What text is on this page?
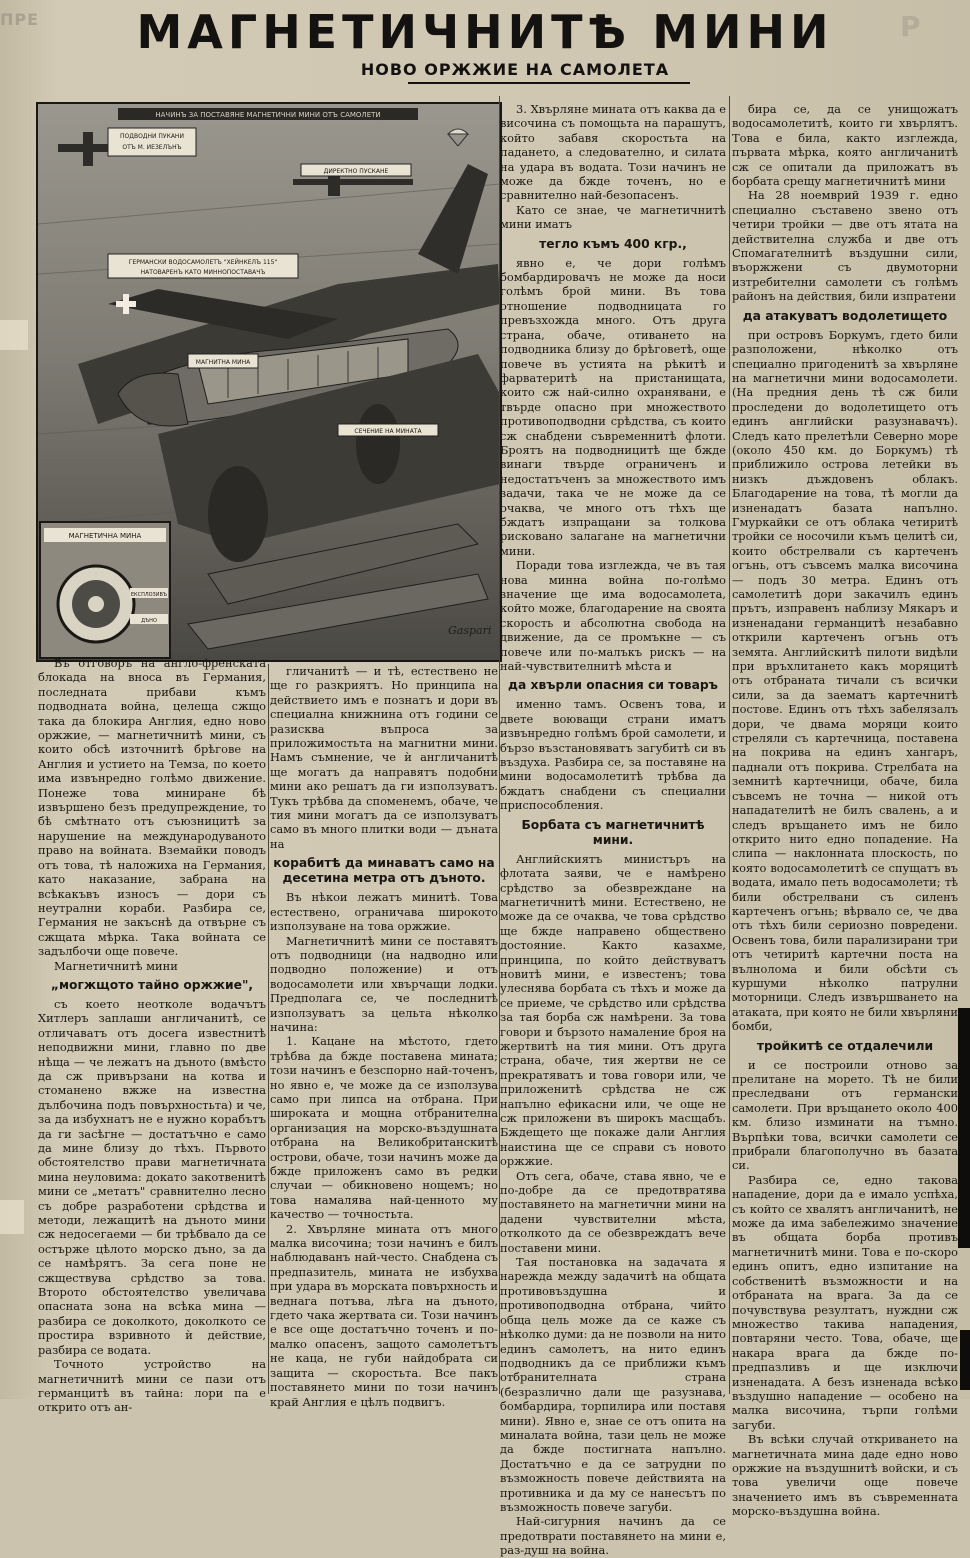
ПРЕ	Р
МАГНЕТИЧНИТѢ МИНИ
НОВО ОРЖЖИЕ НА САМОЛЕТА
НАЧИНЪ ЗА ПОСТАВЯНЕ МАГНЕТИЧНИ МИНИ ОТЪ САМОЛЕТИ
ПОДВОДНИ ПУКАНИ
ОТЪ М. ИЕЗЕЛЪНЪ
ДИРЕКТНО ПУСКАНЕ
ГЕРМАНСКИ ВОДОСАМОЛЕТЪ "ХЕЙНКЕЛЪ 115"
НАТОВАРЕНЪ КАТО МИННОПОСТАВАЧЪ
МАГНИТНА МИНА
СЕЧЕНИЕ НА МИНАТА
МАГНЕТИЧНА МИНА
ЕКСПЛОЗИВЪ
ДЪНО
Gaspari

Въ отговоръ на англо-френската блокада на вноса въ Германия, последната прибави къмъ подводната война, целеща сжщо така да блокира Англия, едно ново оржжие, — магнетичнитѣ мини, съ които обсѣ източнитѣ брѣгове на Англия и устието на Темза, по което има извънредно голѣмо движение. Понеже това миниране бѣ извършено безъ предупреждение, то бѣ смѣтнато отъ съюзницитѣ за нарушение на международуваното право на войната. Вземайки поводъ отъ това, тѣ наложиха на Германия, като наказание, забрана на всѣкакъвъ износъ — дори съ неутрални кораби. Разбира се, Германия не закъснѣ да отвърне съ сжщата мѣрка. Така войната се задълбочи още повече.

Магнетичнитѣ мини

„могжщото тайно оржжие",

съ което неотколе водачътъ Хитлеръ заплаши англичанитѣ, се отличаватъ отъ досега известнитѣ неподвижни мини, главно по две нѣща — че лежатъ на дъното (вмѣсто да сж привързани на котва и стоманено вжже на известна дълбочина подъ повърхностьта) и че, за да избухнатъ не е нужно корабътъ да ги засѣгне — достатъчно е само да мине близу до тѣхъ. Първото обстоятелство прави магнетичната мина неуловима: докато закотвенитѣ мини се „метатъ" сравнително лесно съ добре разработени срѣдства и методи, лежащитѣ на дъното мини сж недосегаеми — би трѣбвало да се остърже цѣлото морско дъно, за да се намѣрятъ. За сега поне не сжществува срѣдство за това. Второто обстоятелство увеличава опасната зона на всѣка мина — разбира се доколкото, доколкото се простира взривното ѝ действие, разбира се водата.

Точното устройство на магнетичнитѣ мини се пази отъ германцитѣ въ тайна: лори па е открито отъ ан-

гличанитѣ — и тѣ, естествено не ще го разкриятъ. Но принципа на действието имъ е познатъ и дори въ специална книжнина отъ години се разисква въпроса за приложимостьта на магнитни мини. Намъ съмнение, че ѝ англичанитѣ ще могатъ да направятъ подобни мини ако решатъ да ги използуватъ. Тукъ трѣбва да споменемъ, обаче, че тия мини могатъ да се използуватъ само въ много плитки води — дъната на

корабитѣ да минаватъ само на десетина метра отъ дъното.

Въ нѣкои лежатъ минитѣ. Това естествено, ограничава широкото използуване на това оржжие.

Магнетичнитѣ мини се поставятъ отъ подводници (на надводно или подводно положение) и отъ водосамолети или хвърчащи лодки. Предполага се, че последнитѣ използуватъ за цельта нѣколко начина:

1. Кацане на мѣстото, гдето трѣбва да бжде поставена мината; този начинъ е безспорно най-точенъ, но явно е, че може да се използува само при липса на отбрана. При широката и мощна отбранителна организация на морско-въздушната отбрана на Великобританскитѣ острови, обаче, този начинъ може да бжде приложенъ само въ редки случаи — обикновено нощемъ; но това намалява най-ценното му качество — точностьта.

2. Хвърляне мината отъ много малка височина; този начинъ е билъ наблюдаванъ най-често. Снабдена съ предпазитель, мината не избухва при удара въ морската повърхность и веднага потъва, лѣга на дъното, гдето чака жертвата си. Този начинъ е все още достатъчно точенъ и по-малко опасенъ, защото самолетътъ не каца, не губи найдобрата си защита — скоростьта. Все пакъ поставянето мини по този начинъ край Англия е цѣлъ подвигъ.

3. Хвърляне минатa отъ каква да е височина съ помощьта на парашутъ, който забавя скоростьта на падането, а следователно, и силата на удара въ водата. Този начинъ не може да бжде точенъ, но е сравнително най-безопасенъ.

Като се знае, че магнетичнитѣ мини иматъ

тегло къмъ 400 кгр.,

явно е, че дори голѣмъ бомбардировачъ не може да носи голѣмъ брой мини. Въ това отношение подводницата го превъзхожда много. Отъ друга страна, обаче, отиването на подводника близу до брѣговетѣ, още повече въ устията на рѣкитѣ и фарватеритѣ на пристанищата, които сж най-силно охранявани, е твърде опасно при множеството противоподводни срѣдства, съ които сж снабдени съвременнитѣ флоти. Броятъ на подводницитѣ ще бжде винаги твърде ограниченъ и недостатъченъ за множеството имъ задачи, така че не може да се очаква, че много отъ тѣхъ ще бждатъ изпращани за толкова рисковано залагане на магнетични мини.

Поради това изглежда, че въ тая нова минна война по-голѣмо значение ще има водосамолета, който може, благодарение на своята скорость и абсолютна свобода на движение, да се промъкне — съ повече или по-малъкъ рискъ — на най-чувствителнитѣ мѣста и

да хвърли опасния си товаръ

именно тамъ. Освенъ това, и двете воюващи страни иматъ извънредно голѣмъ брой самолети, и бързо възстановяватъ загубитѣ си въ въздуха. Разбира се, за поставяне на мини водосамолетитѣ трѣбва да бждатъ снабдени съ специални приспособления.

Борбата съ магнетичнитѣ мини.

Английскиятъ министъръ на флотата заяви, че е намѣрено срѣдство за обезвреждане на магнетичнитѣ мини. Естествено, не може да се очаква, че това срѣдство ще бжде направено обществено достояние. Както казахме, принципа, по който действуватъ новитѣ мини, е известенъ; това улеснява борбата съ тѣхъ и може да се приеме, че срѣдство или срѣдства за тая борба сж намѣрени. За това говори и бързото намаление броя на жертвитѣ на тия мини. Отъ друга страна, обаче, тия жертви не се прекратяватъ и това говори или, че приложенитѣ срѣдства не сж напълно ефикасни или, че още не сж приложени въ широкъ масщабъ. Бждещето ще покаже дали Англия наистина ще се справи съ новото оржжие.

Отъ сега, обаче, става явно, че е по-добре да се предотвратява поставянето на магнетични мини на дадени чувствителни мѣста, отколкото да се обезвреждатъ вече поставени мини.

Тая постановка на задачата я нарежда между задачитѣ на общата противовъздушна и противоподводна отбрана, чийто обща цель може да се каже съ нѣколко думи: да не позволи на нито единъ самолетъ, на нито единъ подводникъ да се приближи къмъ отбранителната страна (безразлично дали ще разузнава, бомбардира, торпилира или поставя мини). Явно е, знае се отъ опита на миналата война, тази цель не може да бжде постигната напълно. Достатъчно е да се затрудни по възможность повече действията на противника и да му се нанесътъ по възможность повече загуби.

Най-сигурния начинъ да се предотврати поставянето на мини е, раз-душ на война.

бира се, да се унищожатъ водосамолетитѣ, които ги хвърлятъ. Това е била, както изглежда, първата мѣрка, която англичанитѣ сж се опитали да приложатъ въ борбата срещу магнетичнитѣ мини

На 28 ноемврий 1939 г. едно специално съставено звено отъ четири тройки — две отъ ятата на действителна служба и две отъ Спомагателнитѣ въздушни сили, въоржжени съ двумоторни изтребителни самолети съ голѣмъ районъ на действия, били изпратени

да атакуватъ водолетището

при островъ Боркумъ, гдето били разположени, нѣколко отъ специално пригоденитѣ за хвърляне на магнетични мини водосамолети. (На предния день тѣ сж били проследени до водолетището отъ единъ английски разузнавачъ). Следъ като прелетѣли Северно море (около 450 км. до Боркумъ) тѣ приближило острова летейки въ низкъ дъждовенъ облакъ. Благодарение на това, тѣ могли да изненадатъ базата напълно. Гмуркайки се отъ облака четиритѣ тройки се носочили къмъ целитѣ си, които обстрелвали съ картеченъ огънь, отъ съвсемъ малка височина — подъ 30 метра. Единъ отъ самолетитѣ дори закачилъ единъ прътъ, изправенъ наблизу Мякаръ и изненадани германцитѣ незабавно открили картеченъ огънь отъ земята. Английскитѣ пилоти видѣли при връхлитането какъ моряцитѣ отъ отбраната тичали съ всички сили, за да заематъ картечнитѣ постове. Единъ отъ тѣхъ забелязалъ дори, че двама моряци които стреляли съ картечница, поставена на покрива на единъ хангаръ, паднали отъ покрива. Стрелбата на земнитѣ картечници, обаче, била съвсемъ не точна — никой отъ нападателитѣ не билъ свалень, а и следъ връщането имъ не било открито нито едно попадение. На слипа — наклонната плоскость, по която водосамолетитѣ се спущатъ въ водата, имало петь водосамолети; тѣ били обстрелвани съ силенъ картеченъ огънь; вѣрвало се, че два отъ тѣхъ били сериозно повредени. Освенъ това, били парализирани три отъ четиритѣ картечни поста на вълнолома и били обсѣти съ куршуми нѣколко патрулни моторници. Следъ извършването на атаката, при която не били хвърляни бомби,

тройкитѣ се отдалечили

и се построили отново за прелитане на морето. Тѣ не били преследвани отъ германски самолети. При връщането около 400 км. близо изминати на тъмно. Върпѣки това, всички самолети се прибрали благополучно въ базата си.

Разбира се, едно такова нападение, дори да е имало успѣха, съ който се хвалятъ англичанитѣ, не може да има забележимо значение въ общата борба противъ магнетичнитѣ мини. Това е по-скоро единъ опитъ, едно изпитание на собственитѣ възможности и на отбраната на врага. За да се почувствува резултатъ, нуждни сж множество такива нападения, повтаряни често. Това, обаче, ще накара врага да бжде по-предпазливъ и ще изключи изненадата. А безъ изненада всѣко въздушно нападение — особено на малка височина, търпи голѣми загуби.

Въ всѣки случай откриването на магнетичната мина даде едно ново оржжие на въздушнитѣ войски, и съ това увеличи още повече значението имъ въ съвременната морско-въздушна война.
